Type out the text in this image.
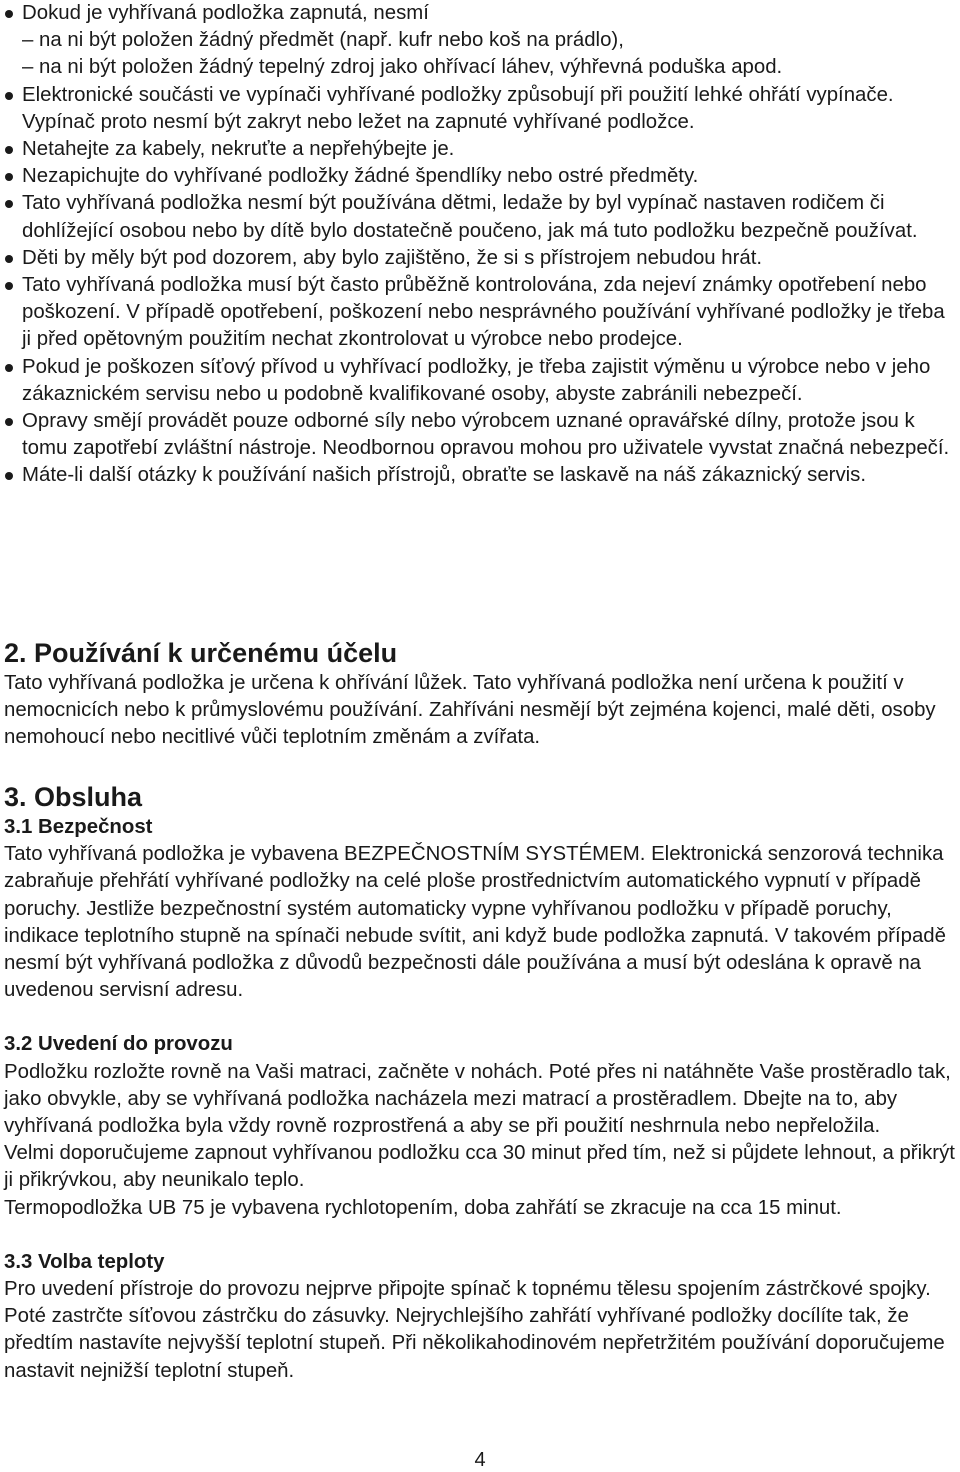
Dokud je vyhřívaná podložka zapnutá, nesmí
– na ni být položen žádný předmět (např. kufr nebo koš na prádlo),
– na ni být položen žádný tepelný zdroj jako ohřívací láhev, výhřevná poduška apod.
Elektronické součásti ve vypínači vyhřívané podložky způsobují při použití lehké ohřátí vypínače. Vypínač proto nesmí být zakryt nebo ležet na zapnuté vyhřívané podložce.
Netahejte za kabely, nekruťte a nepřehýbejte je.
Nezapichujte do vyhřívané podložky žádné špendlíky nebo ostré předměty.
Tato vyhřívaná podložka nesmí být používána dětmi, ledaže by byl vypínač nastaven rodičem či dohlížející osobou nebo by dítě bylo dostatečně poučeno, jak má tuto podložku bezpečně používat.
Děti by měly být pod dozorem, aby bylo zajištěno, že si s přístrojem nebudou hrát.
Tato vyhřívaná podložka musí být často průběžně kontrolována, zda nejeví známky opotřebení nebo poškození. V případě opotřebení, poškození nebo nesprávného používání vyhřívané podložky je třeba ji před opětovným použitím nechat zkontrolovat u výrobce nebo prodejce.
Pokud je poškozen síťový přívod u vyhřívací podložky, je třeba zajistit výměnu u výrobce nebo v jeho zákaznickém servisu nebo u podobně kvalifikované osoby, abyste zabránili nebezpečí.
Opravy smějí provádět pouze odborné síly nebo výrobcem uznané opravářské dílny, protože jsou k tomu zapotřebí zvláštní nástroje. Neodbornou opravou mohou pro uživatele vyvstat značná nebezpečí.
Máte-li další otázky k používání našich přístrojů, obraťte se laskavě na náš zákaznický servis.
2. Používání k určenému účelu

Tato vyhřívaná podložka je určena k ohřívání lůžek. Tato vyhřívaná podložka není určena k použití v nemocnicích nebo k průmyslovému používání. Zahříváni nesmějí být zejména kojenci, malé děti, osoby nemohoucí nebo necitlivé vůči teplotním změnám a zvířata.

3. Obsluha
3.1 Bezpečnost

Tato vyhřívaná podložka je vybavena BEZPEČNOSTNÍM SYSTÉMEM. Elektronická senzorová technika zabraňuje přehřátí vyhřívané podložky na celé ploše prostřednictvím automatického vypnutí v případě poruchy. Jestliže bezpečnostní systém automaticky vypne vyhřívanou podložku v případě poruchy, indikace teplotního stupně na spínači nebude svítit, ani když bude podložka zapnutá. V takovém případě nesmí být vyhřívaná podložka z důvodů bezpečnosti dále používána a musí být odeslána k opravě na uvedenou servisní adresu.

3.2 Uvedení do provozu

Podložku rozložte rovně na Vaši matraci, začněte v nohách. Poté přes ni natáhněte Vaše prostěradlo tak, jako obvykle, aby se vyhřívaná podložka nacházela mezi matrací a prostěradlem. Dbejte na to, aby vyhřívaná podložka byla vždy rovně rozprostřená a aby se při použití neshrnula nebo nepřeložila.

Velmi doporučujeme zapnout vyhřívanou podložku cca 30 minut před tím, než si půjdete lehnout, a přikrýt ji přikrývkou, aby neunikalo teplo.

Termopodložka UB 75 je vybavena rychlotopením, doba zahřátí se zkracuje na cca 15 minut.

3.3 Volba teploty

Pro uvedení přístroje do provozu nejprve připojte spínač k topnému tělesu spojením zástrčkové spojky. Poté zastrčte síťovou zástrčku do zásuvky. Nejrychlejšího zahřátí vyhřívané podložky docílíte tak, že předtím nastavíte nejvyšší teplotní stupeň. Při několikahodinovém nepřetržitém používání doporučujeme nastavit nejnižší teplotní stupeň.

4
